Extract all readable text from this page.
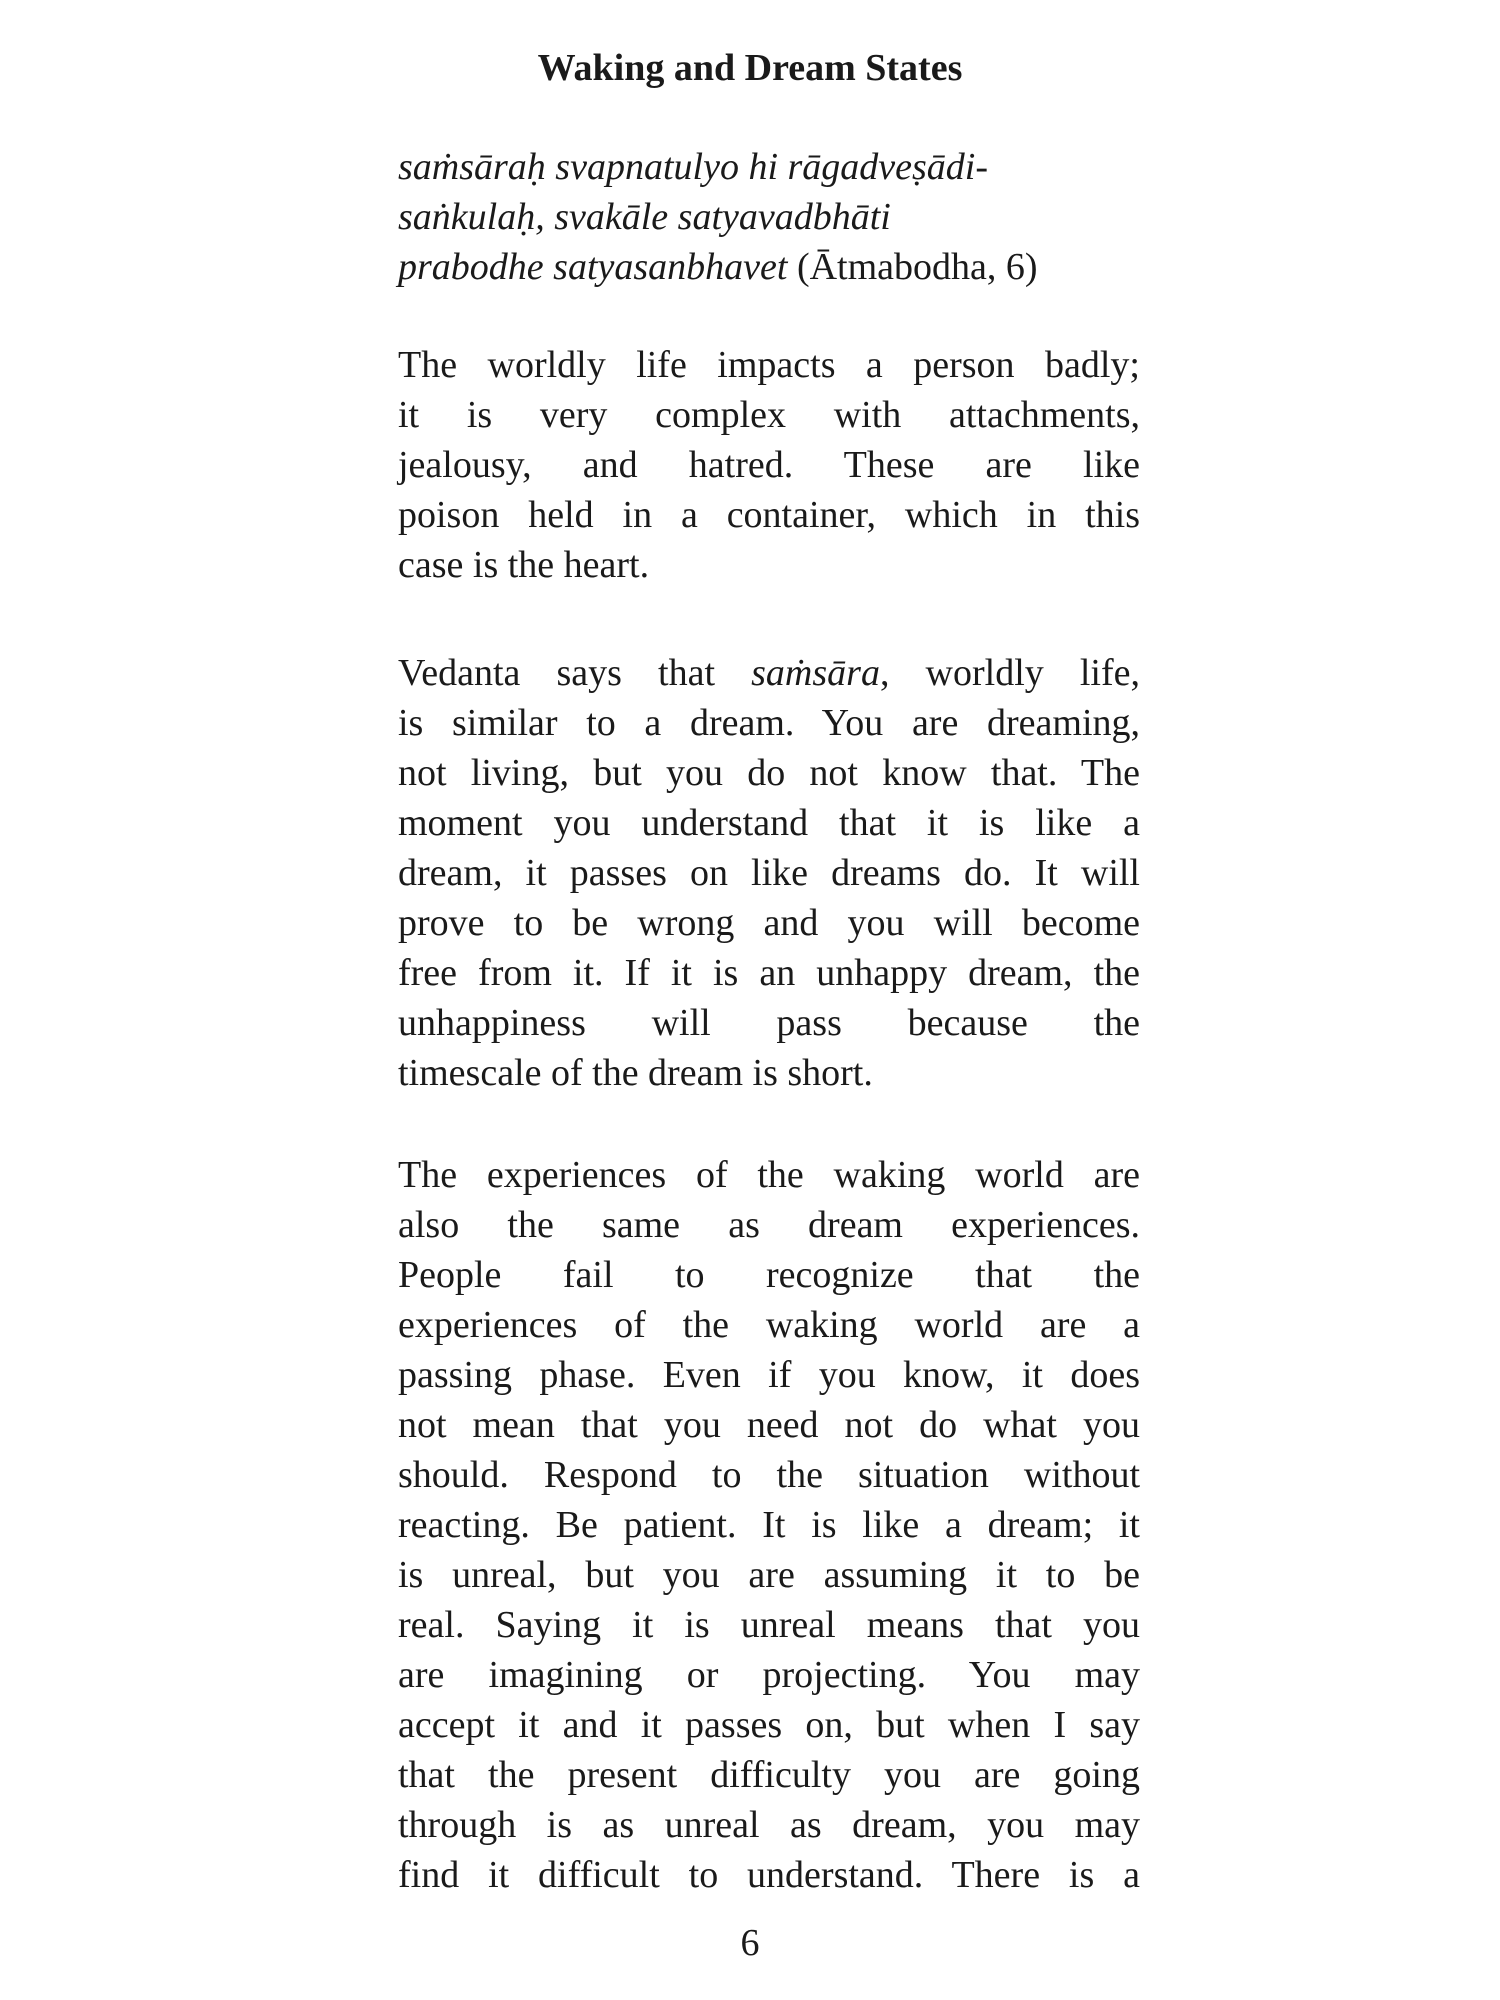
Waking and Dream States
saṁsāraḥ svapnatulyo hi rāgadveṣādi-
saṅkulaḥ, svakāle satyavadbhāti
prabodhe satyasanbhavet (Ātmabodha, 6)
The worldly life impacts a person badly;
it is very complex with attachments,
jealousy, and hatred. These are like
poison held in a container, which in this
case is the heart.
Vedanta says that saṁsāra, worldly life,
is similar to a dream. You are dreaming,
not living, but you do not know that. The
moment you understand that it is like a
dream, it passes on like dreams do. It will
prove to be wrong and you will become
free from it. If it is an unhappy dream, the
unhappiness will pass because the
timescale of the dream is short.
The experiences of the waking world are
also the same as dream experiences.
People fail to recognize that the
experiences of the waking world are a
passing phase. Even if you know, it does
not mean that you need not do what you
should. Respond to the situation without
reacting. Be patient. It is like a dream; it
is unreal, but you are assuming it to be
real. Saying it is unreal means that you
are imagining or projecting. You may
accept it and it passes on, but when I say
that the present difficulty you are going
through is as unreal as dream, you may
find it difficult to understand. There is a
6
